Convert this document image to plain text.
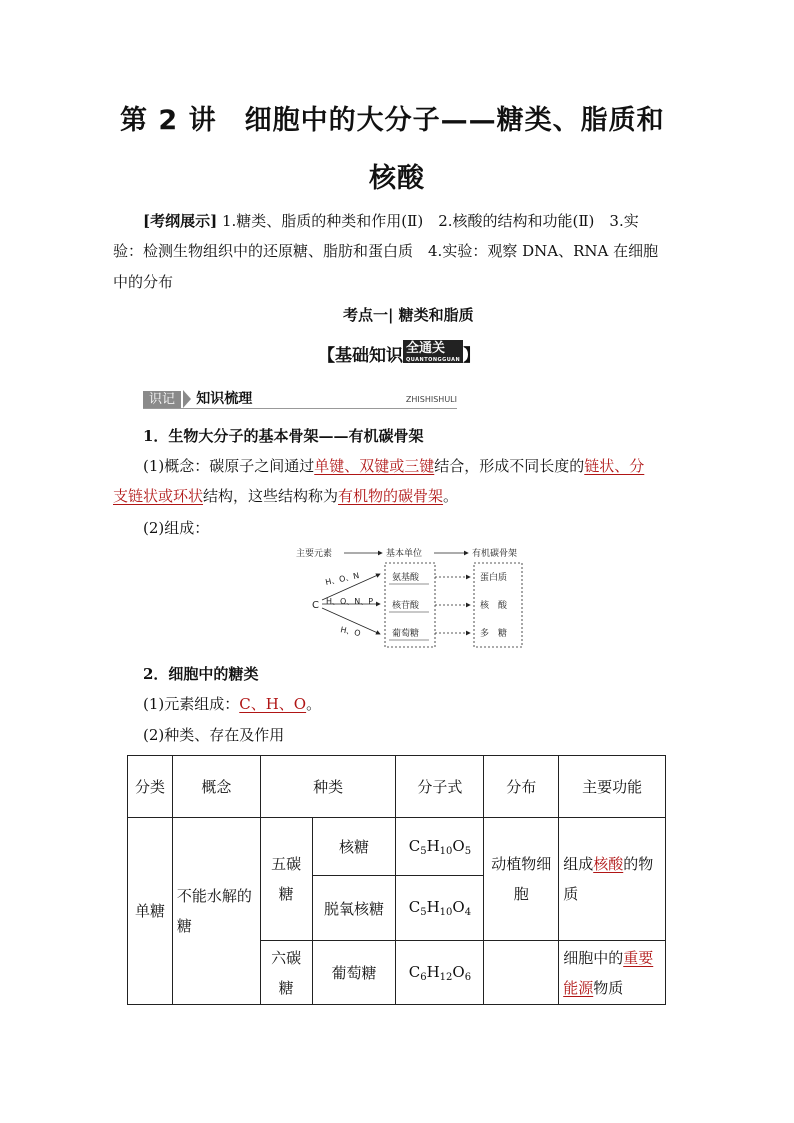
第 2 讲　细胞中的大分子——糖类、脂质和
核酸
[考纲展示] 1.糖类、脂质的种类和作用(Ⅱ)　2.核酸的结构和功能(Ⅱ)　3.实
验：检测生物组织中的还原糖、脂肪和蛋白质　4.实验：观察 DNA、RNA 在细胞
中的分布
考点一| 糖类和脂质
【基础知识 全通关
QUANTONGGUAN 】
识记 知识梳理	ZHISHISHULI
1．生物大分子的基本骨架——有机碳骨架
(1)概念：碳原子之间通过单键、双键或三键结合，形成不同长度的链状、分
支链状或环状结构，这些结构称为有机物的碳骨架。
(2)组成：
主要元素	基本单位	有机碳骨架
C
H、O、N
H、O、N、P
H、O
氨基酸
核苷酸
葡萄糖
蛋白质
核　酸
多　糖
2．细胞中的糖类
(1)元素组成：C、H、O。
(2)种类、存在及作用
分类	概念	种类		分子式	分布	主要功能
单糖	不能水解的糖	五碳糖	核糖	$C_5H_{10}O_5$	动植物细胞	组成核酸的物质
			脱氧核糖	$C_5H_{10}O_4$
		六碳糖	葡萄糖	$C_6H_{12}O_6$		细胞中的重要能源物质
